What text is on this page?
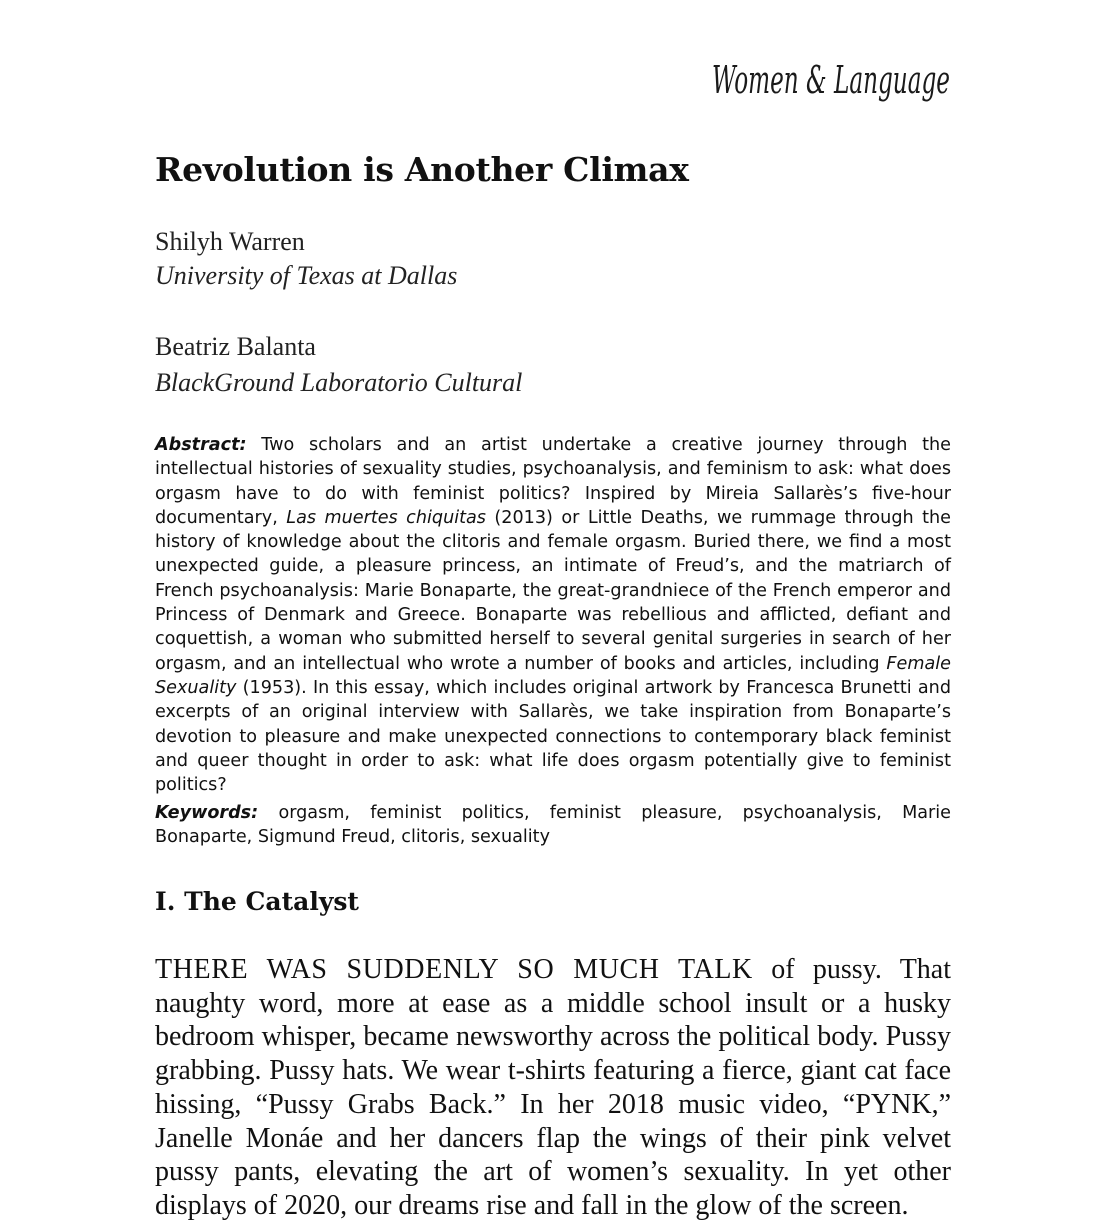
Women & Language
Revolution is Another Climax
Shilyh Warren
University of Texas at Dallas
Beatriz Balanta
BlackGround Laboratorio Cultural

Abstract: Two scholars and an artist undertake a creative journey through the intellectual histories of sexuality studies, psychoanalysis, and feminism to ask: what does orgasm have to do with feminist politics? Inspired by Mireia Sallarès’s five-hour documentary, Las muertes chiquitas (2013) or Little Deaths, we rummage through the history of knowledge about the clitoris and female orgasm. Buried there, we find a most unexpected guide, a pleasure princess, an intimate of Freud’s, and the matriarch of French psychoanalysis: Marie Bonaparte, the great-grandniece of the French emperor and Princess of Denmark and Greece. Bonaparte was rebellious and afflicted, defiant and coquettish, a woman who submitted herself to several genital surgeries in search of her orgasm, and an intellectual who wrote a number of books and articles, including Female Sexuality (1953). In this essay, which includes original artwork by Francesca Brunetti and excerpts of an original interview with Sallarès, we take inspiration from Bonaparte’s devotion to pleasure and make unexpected connections to contemporary black feminist and queer thought in order to ask: what life does orgasm potentially give to feminist politics?

Keywords: orgasm, feminist politics, feminist pleasure, psychoanalysis, Marie Bonaparte, Sigmund Freud, clitoris, sexuality

I. The Catalyst

THERE WAS SUDDENLY SO MUCH TALK of pussy. That naughty word, more at ease as a middle school insult or a husky bedroom whisper, became newsworthy across the political body. Pussy grabbing. Pussy hats. We wear t-shirts featuring a fierce, giant cat face hissing, “Pussy Grabs Back.” In her 2018 music video, “PYNK,” Janelle Monáe and her dancers flap the wings of their pink velvet pussy pants, elevating the art of women’s sexuality. In yet other displays of 2020, our dreams rise and fall in the glow of the screen.
